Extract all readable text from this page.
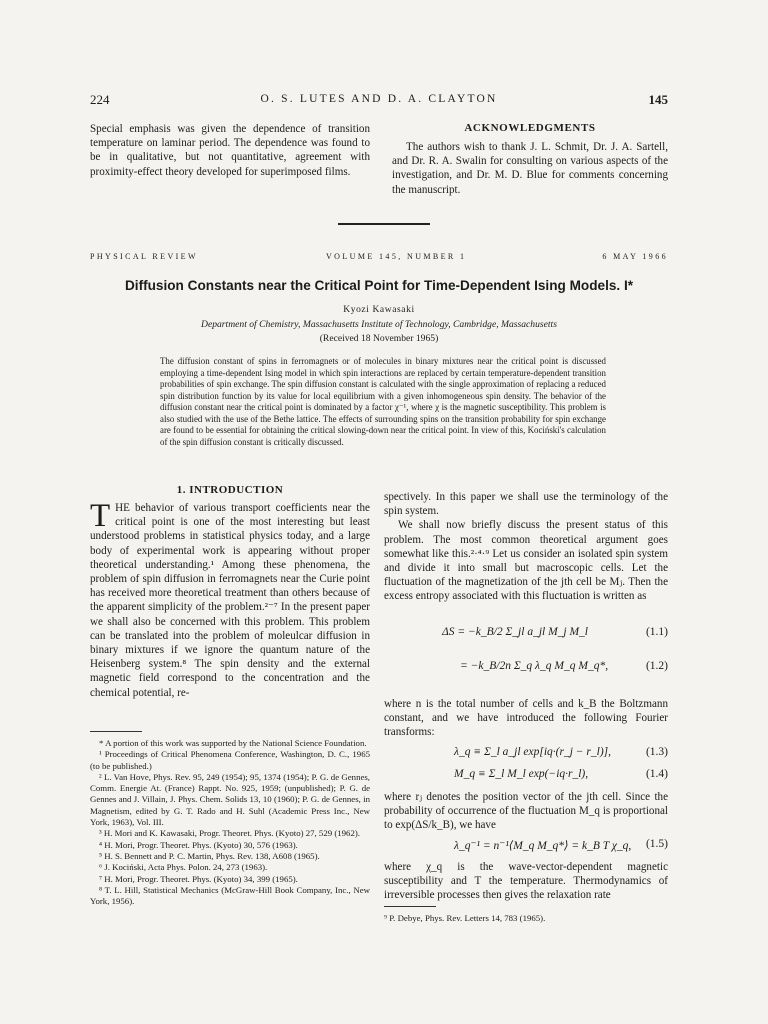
224	O. S. LUTES AND D. A. CLAYTON	145
Special emphasis was given the dependence of transition temperature on laminar period. The dependence was found to be in qualitative, but not quantitative, agreement with proximity-effect theory developed for superimposed films.
ACKNOWLEDGMENTS
The authors wish to thank J. L. Schmit, Dr. J. A. Sartell, and Dr. R. A. Swalin for consulting on various aspects of the investigation, and Dr. M. D. Blue for comments concerning the manuscript.
PHYSICAL REVIEW	VOLUME 145, NUMBER 1	6 MAY 1966
Diffusion Constants near the Critical Point for Time-Dependent Ising Models. I*
Kyozi Kawasaki
Department of Chemistry, Massachusetts Institute of Technology, Cambridge, Massachusetts
(Received 18 November 1965)
The diffusion constant of spins in ferromagnets or of molecules in binary mixtures near the critical point is discussed employing a time-dependent Ising model in which spin interactions are replaced by certain temperature-dependent transition probabilities of spin exchange. The spin diffusion constant is calculated with the single approximation of replacing a reduced spin distribution function by its value for local equilibrium with a given inhomogeneous spin density. The behavior of the diffusion constant near the critical point is dominated by a factor χ⁻¹, where χ is the magnetic susceptibility. This problem is also studied with the use of the Bethe lattice. The effects of surrounding spins on the transition probability for spin exchange are found to be essential for obtaining the critical slowing-down near the critical point. In view of this, Kociński's calculation of the spin diffusion constant is critically discussed.
1. INTRODUCTION
THE behavior of various transport coefficients near the critical point is one of the most interesting but least understood problems in statistical physics today, and a large body of experimental work is appearing without proper theoretical understanding.¹ Among these phenomena, the problem of spin diffusion in ferromagnets near the Curie point has received more theoretical treatment than others because of the apparent simplicity of the problem.²⁻⁷ In the present paper we shall also be concerned with this problem. This problem can be translated into the problem of moleulcar diffusion in binary mixtures if we ignore the quantum nature of the Heisenberg system.⁸ The spin density and the external magnetic field correspond to the concentration and the chemical potential, re-

* A portion of this work was supported by the National Science Foundation.

¹ Proceedings of Critical Phenomena Conference, Washington, D. C., 1965 (to be published.)

² L. Van Hove, Phys. Rev. 95, 249 (1954); 95, 1374 (1954); P. G. de Gennes, Comm. Energie At. (France) Rappt. No. 925, 1959; (unpublished); P. G. de Gennes and J. Villain, J. Phys. Chem. Solids 13, 10 (1960); P. G. de Gennes, in Magnetism, edited by G. T. Rado and H. Suhl (Academic Press Inc., New York, 1963), Vol. III.

³ H. Mori and K. Kawasaki, Progr. Theoret. Phys. (Kyoto) 27, 529 (1962).

⁴ H. Mori, Progr. Theoret. Phys. (Kyoto) 30, 576 (1963).

⁵ H. S. Bennett and P. C. Martin, Phys. Rev. 138, A608 (1965).

⁶ J. Kociński, Acta Phys. Polon. 24, 273 (1963).

⁷ H. Mori, Progr. Theoret. Phys. (Kyoto) 34, 399 (1965).

⁸ T. L. Hill, Statistical Mechanics (McGraw-Hill Book Company, Inc., New York, 1956).

spectively. In this paper we shall use the terminology of the spin system.

We shall now briefly discuss the present status of this problem. The most common theoretical argument goes somewhat like this.²·⁴·⁹ Let us consider an isolated spin system and divide it into small but macroscopic cells. Let the fluctuation of the magnetization of the jth cell be Mⱼ. Then the excess entropy associated with this fluctuation is written as

ΔS = −k_B/2 Σ_jl a_jl M_j M_l	(1.1)
= −k_B/2n Σ_q λ_q M_q M_q*,	(1.2)
where n is the total number of cells and k_B the Boltzmann constant, and we have introduced the following Fourier transforms:
λ_q ≡ Σ_l a_jl exp[iq·(r_j − r_l)],	(1.3)
M_q ≡ Σ_l M_l exp(−iq·r_l),	(1.4)
where rⱼ denotes the position vector of the jth cell. Since the probability of occurrence of the fluctuation M_q is proportional to exp(ΔS/k_B), we have
λ_q⁻¹ = n⁻¹⟨M_q M_q*⟩ = k_B T χ_q, (1.5)
where χ_q is the wave-vector-dependent magnetic susceptibility and T the temperature. Thermodynamics of irreversible processes then gives the relaxation rate

⁹ P. Debye, Phys. Rev. Letters 14, 783 (1965).
